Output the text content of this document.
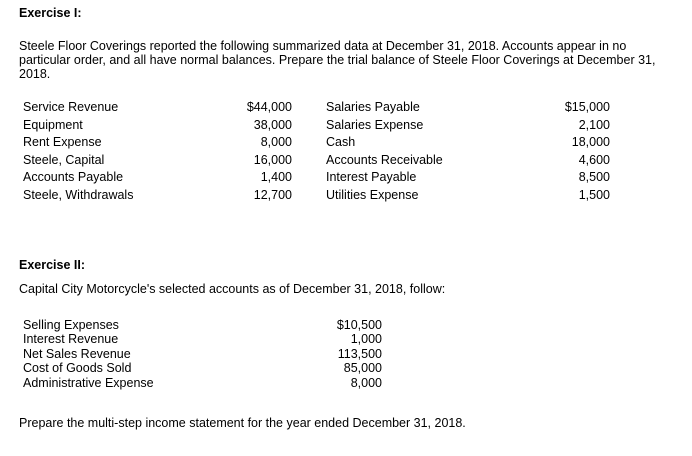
Exercise I:
Steele Floor Coverings reported the following summarized data at December 31, 2018. Accounts appear in no particular order, and all have normal balances. Prepare the trial balance of Steele Floor Coverings at December 31, 2018.
Service Revenue
Equipment
Rent Expense
Steele, Capital
Accounts Payable
Steele, Withdrawals
$44,000
38,000
8,000
16,000
1,400
12,700
Salaries Payable
Salaries Expense
Cash
Accounts Receivable
Interest Payable
Utilities Expense
$15,000
2,100
18,000
4,600
8,500
1,500
Exercise II:
Capital City Motorcycle's selected accounts as of December 31, 2018, follow:
Selling Expenses
Interest Revenue
Net Sales Revenue
Cost of Goods Sold
Administrative Expense
$10,500
1,000
113,500
85,000
8,000
Prepare the multi-step income statement for the year ended December 31, 2018.
